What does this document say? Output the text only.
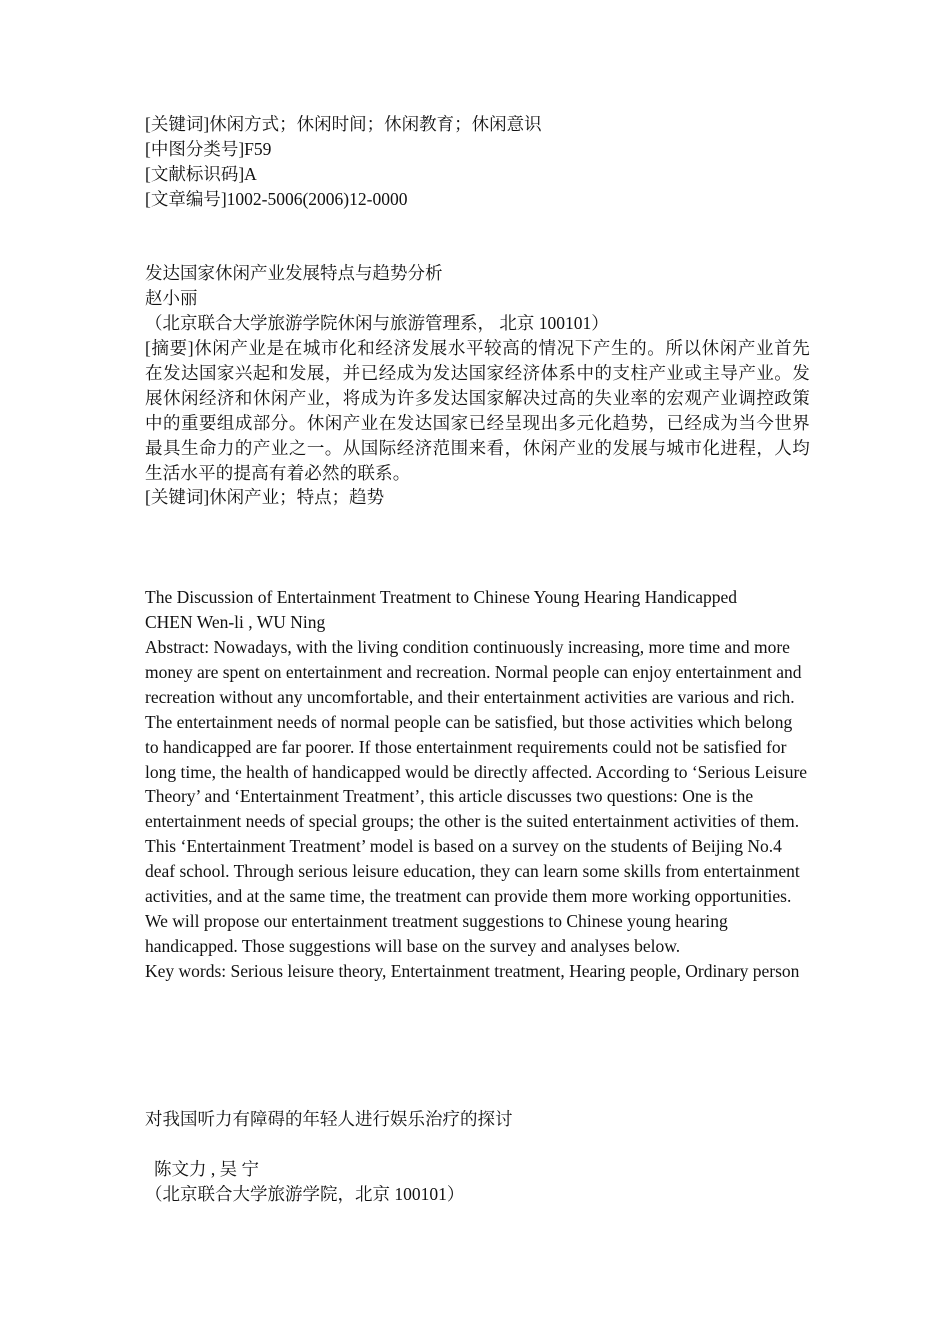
[关键词]休闲方式；休闲时间；休闲教育；休闲意识
[中图分类号]F59
[文献标识码]A
[文章编号]1002-5006(2006)12-0000
发达国家休闲产业发展特点与趋势分析
赵小丽
（北京联合大学旅游学院休闲与旅游管理系， 北京 100101）
[摘要]休闲产业是在城市化和经济发展水平较高的情况下产生的。所以休闲产业首先在发达国家兴起和发展，并已经成为发达国家经济体系中的支柱产业或主导产业。发展休闲经济和休闲产业，将成为许多发达国家解决过高的失业率的宏观产业调控政策中的重要组成部分。休闲产业在发达国家已经呈现出多元化趋势，已经成为当今世界最具生命力的产业之一。从国际经济范围来看，休闲产业的发展与城市化进程，人均生活水平的提高有着必然的联系。
[关键词]休闲产业；特点；趋势
The Discussion of Entertainment Treatment to Chinese Young Hearing Handicapped
CHEN Wen-li , WU Ning
Abstract: Nowadays, with the living condition continuously increasing, more time and more money are spent on entertainment and recreation. Normal people can enjoy entertainment and recreation without any uncomfortable, and their entertainment activities are various and rich. The entertainment needs of normal people can be satisfied, but those activities which belong to handicapped are far poorer. If those entertainment requirements could not be satisfied for long time, the health of handicapped would be directly affected. According to ‘Serious Leisure Theory’ and ‘Entertainment Treatment’, this article discusses two questions: One is the entertainment needs of special groups; the other is the suited entertainment activities of them. This ‘Entertainment Treatment’ model is based on a survey on the students of Beijing No.4 deaf school. Through serious leisure education, they can learn some skills from entertainment activities, and at the same time, the treatment can provide them more working opportunities. We will propose our entertainment treatment suggestions to Chinese young hearing handicapped. Those suggestions will base on the survey and analyses below.
Key words: Serious leisure theory, Entertainment treatment, Hearing people, Ordinary person
对我国听力有障碍的年轻人进行娱乐治疗的探讨
陈文力 , 吴 宁
（北京联合大学旅游学院，北京 100101）
